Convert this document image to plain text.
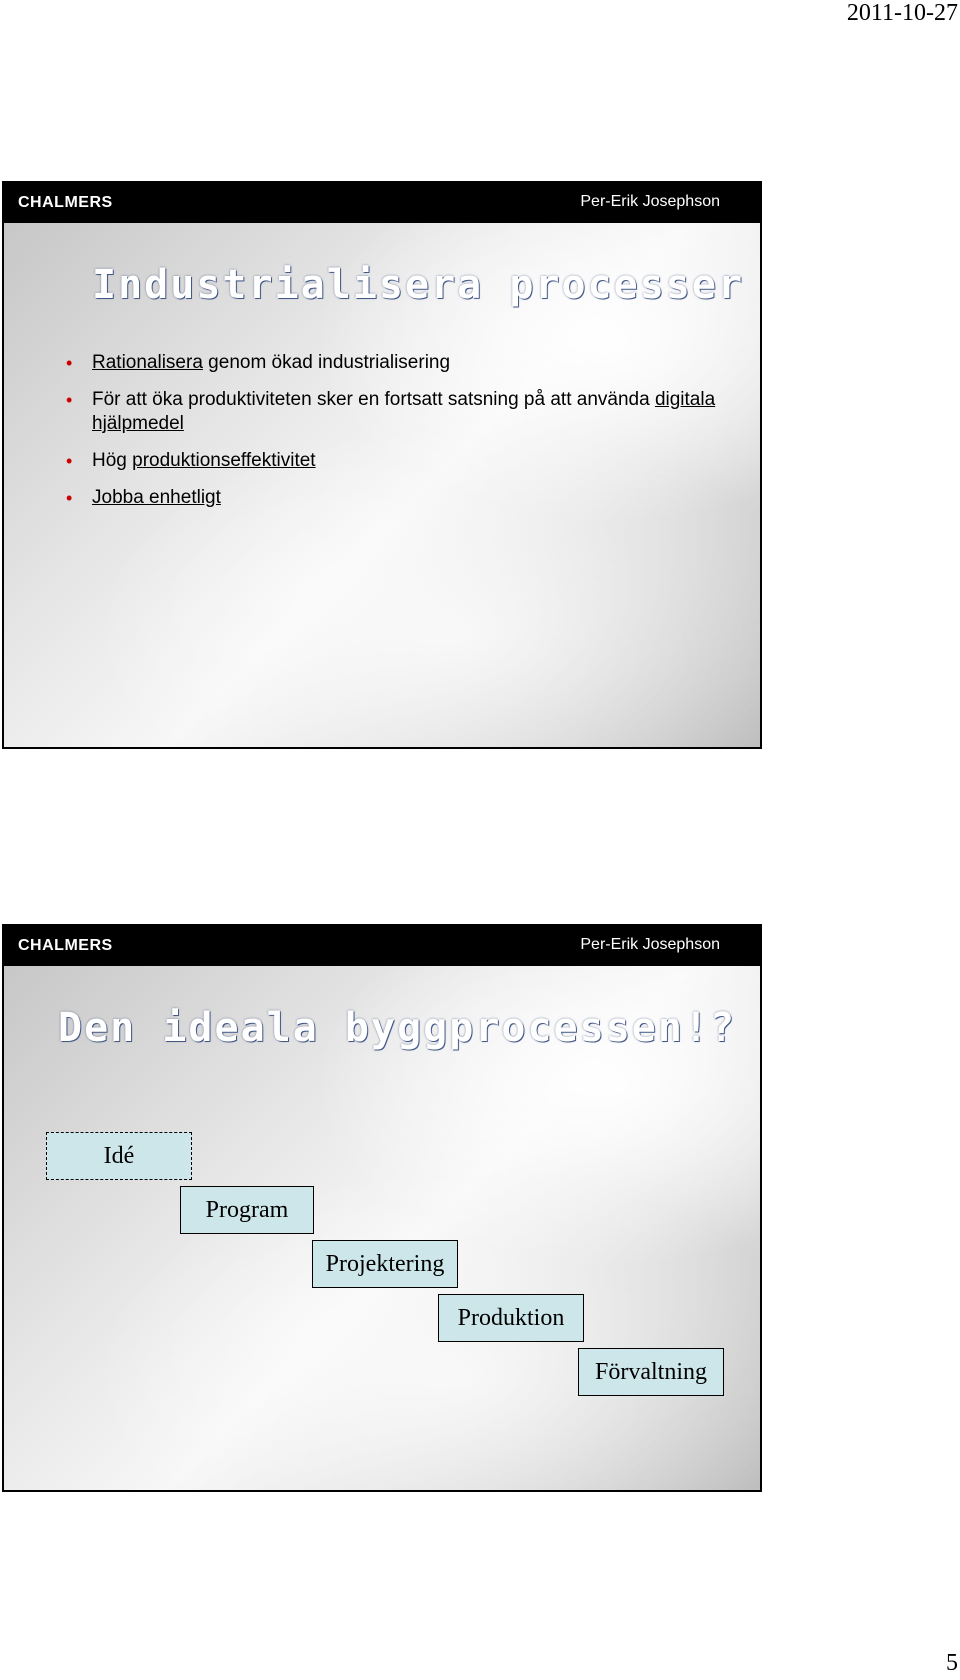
2011-10-27
CHALMERS	Per-Erik Josephson
Industrialisera processer
• Rationalisera genom ökad industrialisering
• För att öka produktiviteten sker en fortsatt satsning på att använda digitala hjälpmedel
• Hög produktionseffektivitet
• Jobba enhetligt
CHALMERS	Per-Erik Josephson
Den ideala byggprocessen!?
Idé
Program
Projektering
Produktion
Förvaltning
5
